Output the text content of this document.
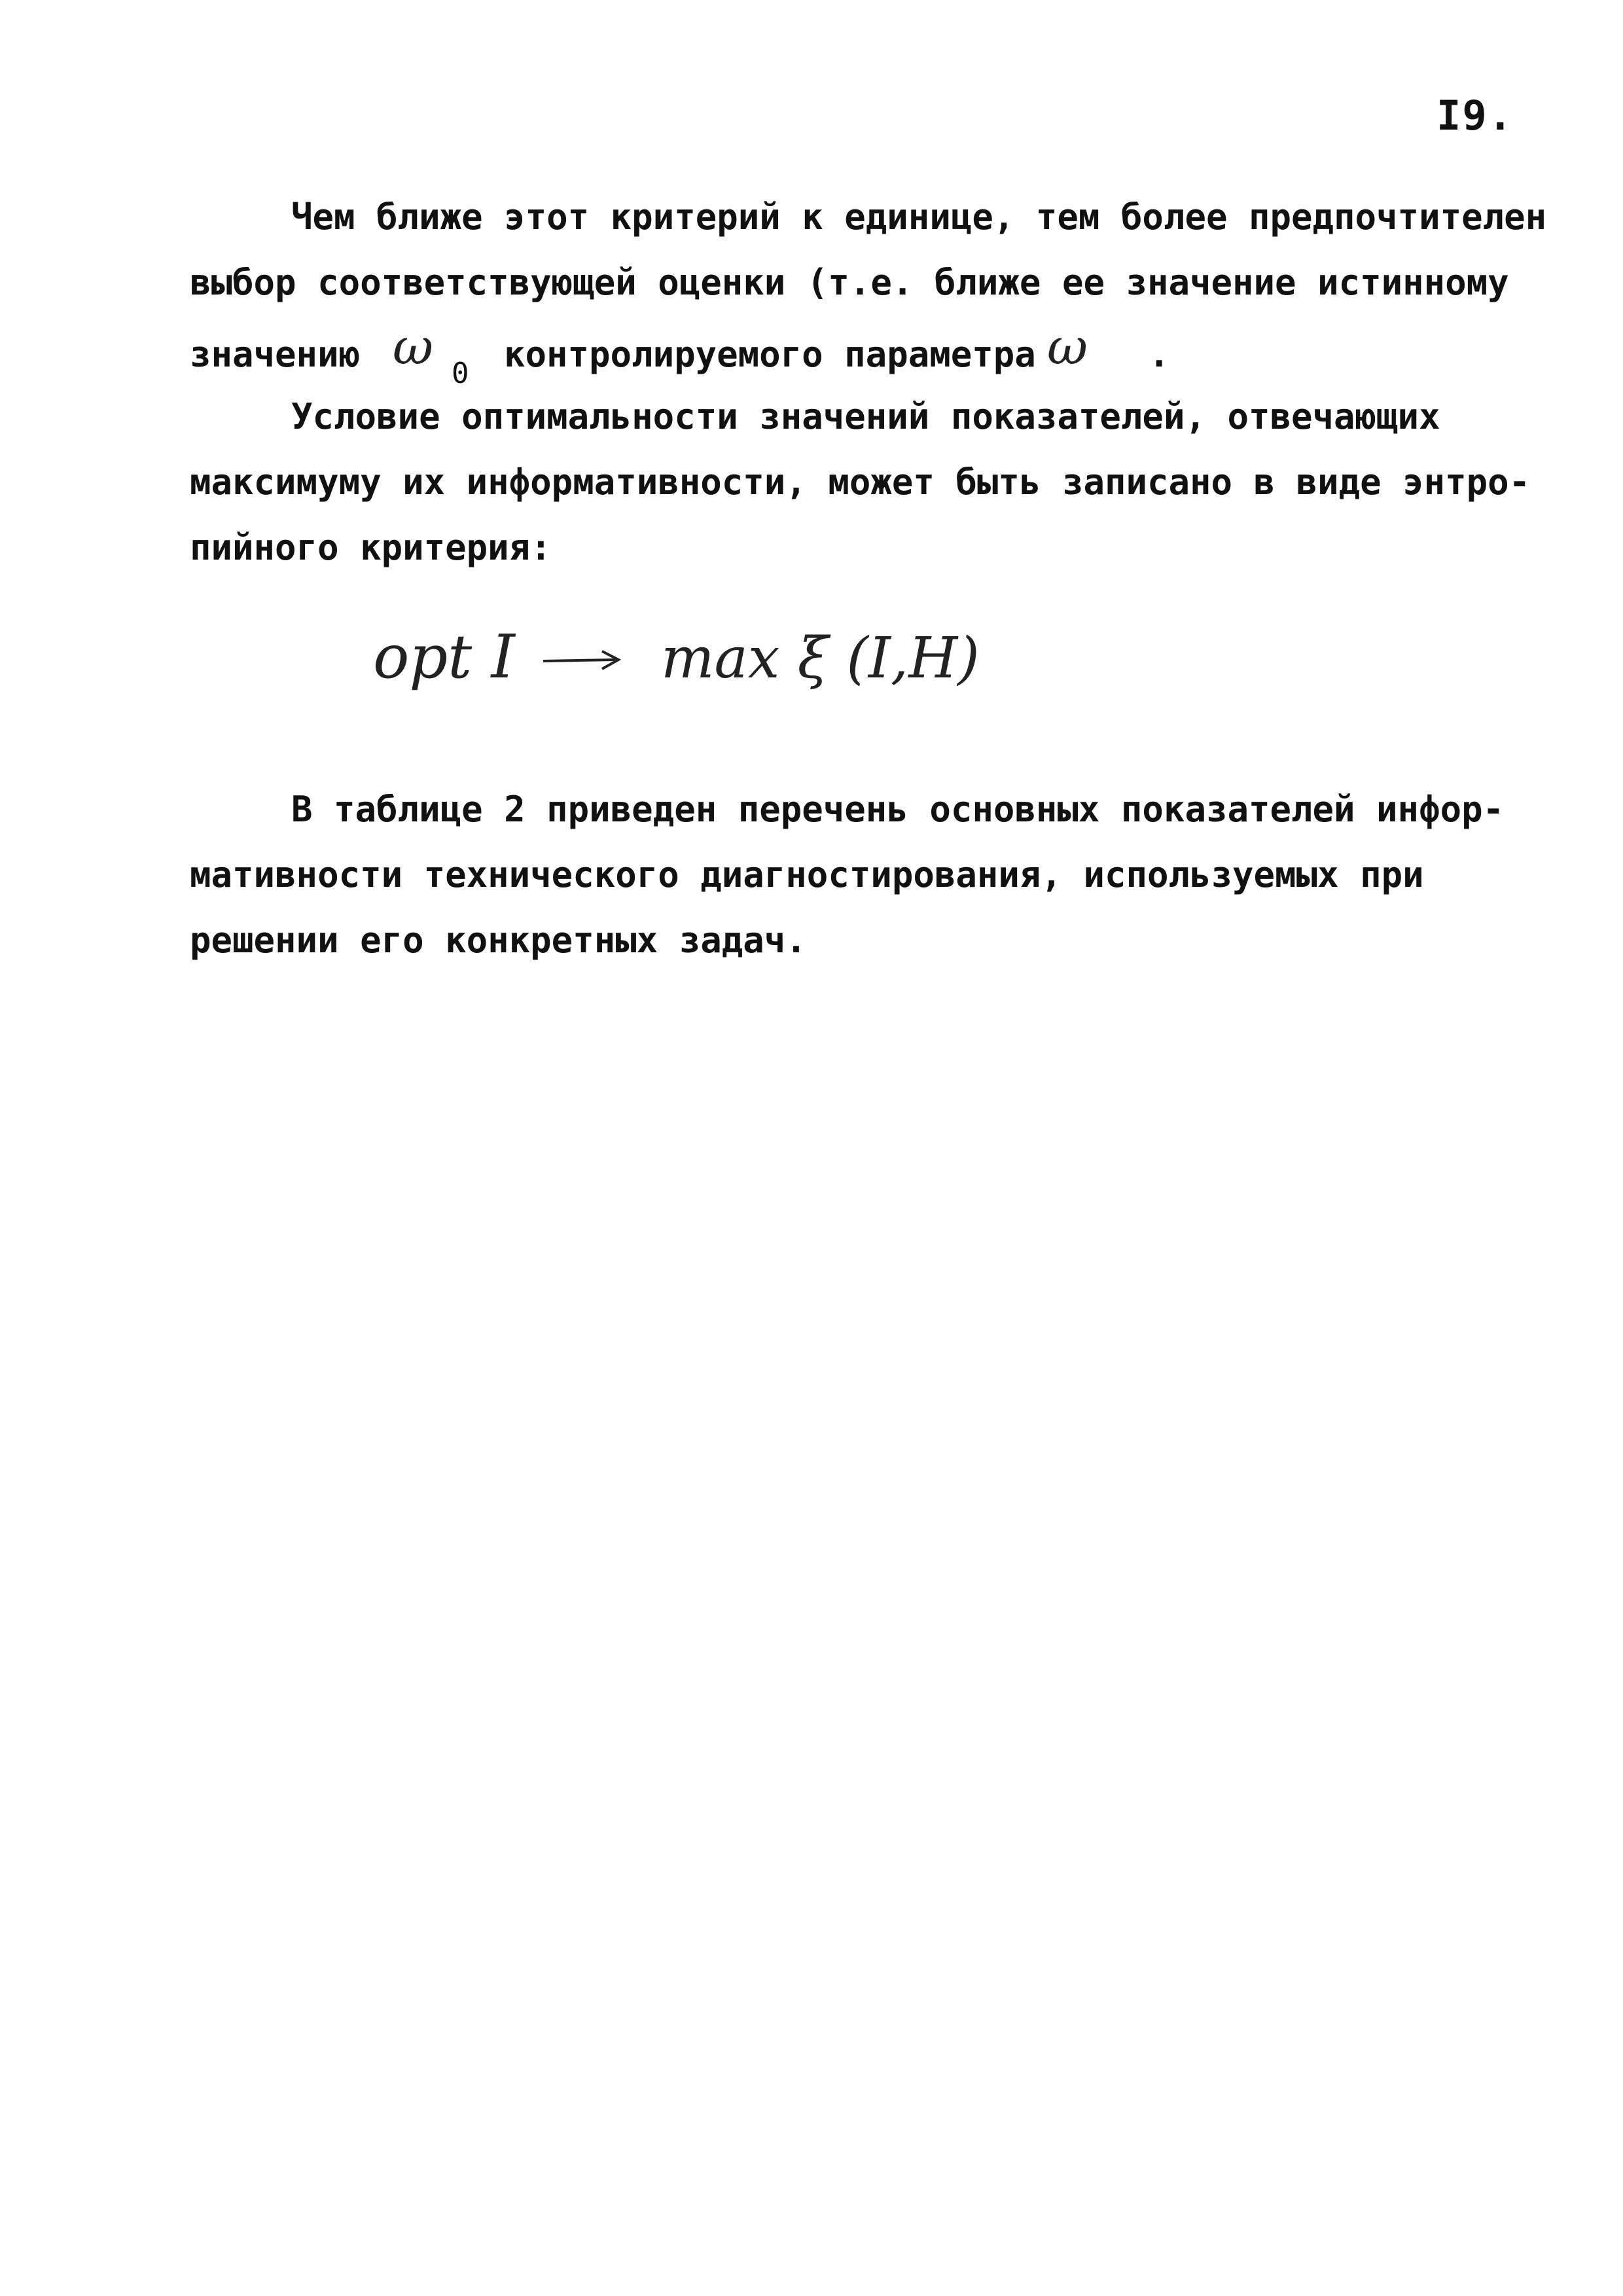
I9.
Чем ближе этот критерий к единице, тем более предпочтителен
выбор соответствующей оценки (т.е. ближе ее значение истинному
значению ω 0 контролируемого параметра ω .
Условие оптимальности значений показателей, отвечающих
максимуму их информативности, может быть записано в виде энтро-
пийного критерия:
opt I	max ξ (I,H)
В таблице 2 приведен перечень основных показателей инфор-
мативности технического диагностирования, используемых при
решении его конкретных задач.
